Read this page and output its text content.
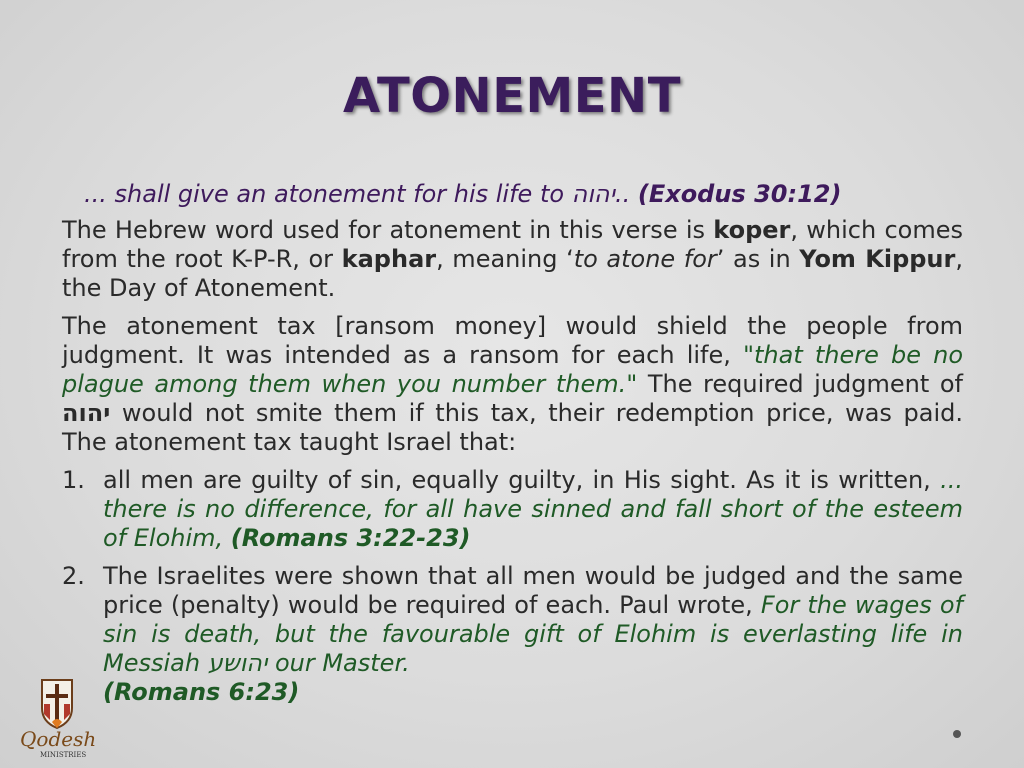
ATONEMENT
... shall give an atonement for his life to יהוה.. (Exodus 30:12)

The Hebrew word used for atonement in this verse is koper, which comes from the root K-P-R, or kaphar, meaning ‘to atone for’ as in Yom Kippur, the Day of Atonement.

The atonement tax [ransom money] would shield the people from judgment. It was intended as a ransom for each life, "that there be no plague among them when you number them." The required judgment of יהוה would not smite them if this tax, their redemption price, was paid. The atonement tax taught Israel that:

1. all men are guilty of sin, equally guilty, in His sight. As it is written, ... there is no difference, for all have sinned and fall short of the esteem of Elohim, (Romans 3:22-23)
2. The Israelites were shown that all men would be judged and the same price (penalty) would be required of each. Paul wrote, For the wages of sin is death, but the favourable gift of Elohim is everlasting life in Messiah יהושע our Master.
(Romans 6:23)
Qodesh
MINISTRIES
